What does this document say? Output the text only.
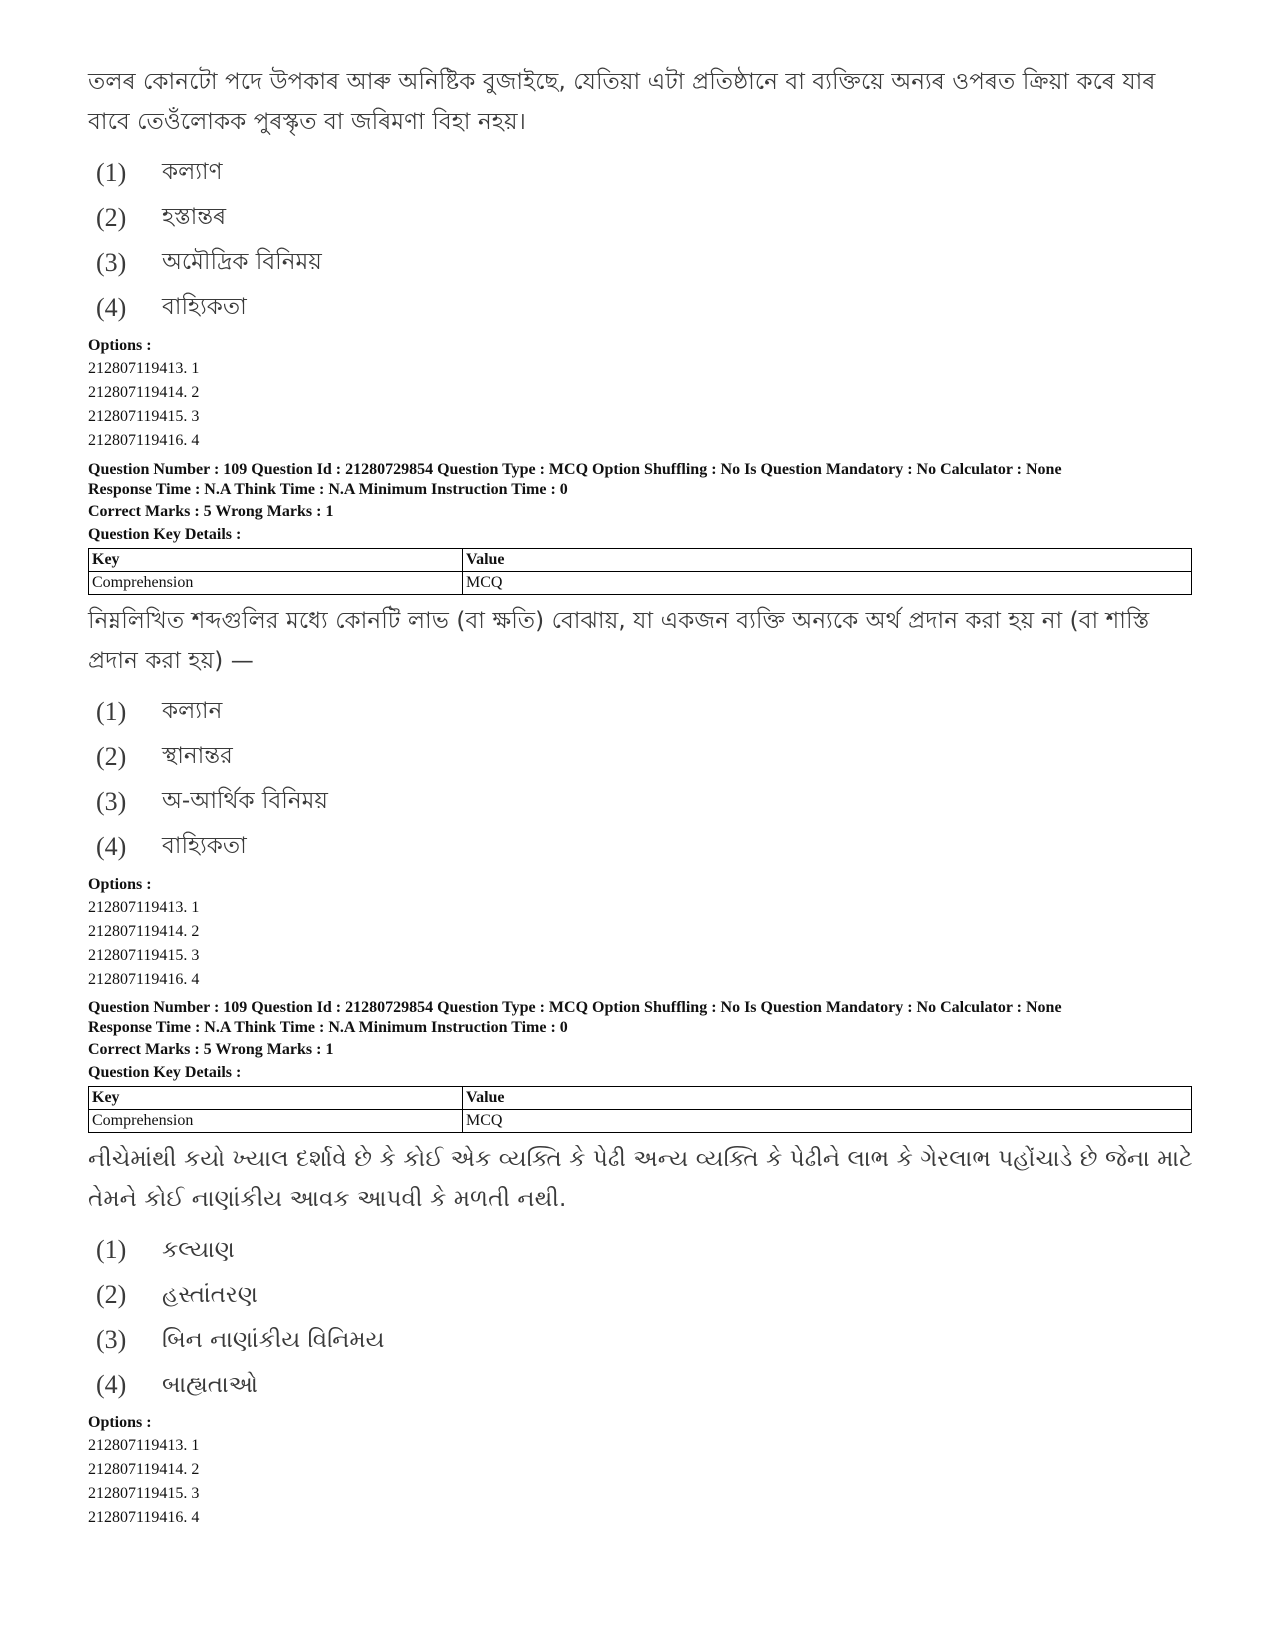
তলৰ কোনটো পদে উপকাৰ আৰু অনিষ্টিক বুজাইছে, যেতিয়া এটা প্ৰতিষ্ঠানে বা ব্যক্তিয়ে অন্যৰ ওপৰত ক্ৰিয়া কৰে যাৰ বাবে তেওঁলোকক পুৰস্কৃত বা জৰিমণা বিহা নহয়।
(1)	কল্যাণ
(2)	হস্তান্তৰ
(3)	অমৌদ্ৰিক বিনিময়
(4)	বাহ্যিকতা
Options :
212807119413. 1
212807119414. 2
212807119415. 3
212807119416. 4
Question Number : 109 Question Id : 21280729854 Question Type : MCQ Option Shuffling : No Is Question Mandatory : No Calculator : None
Response Time : N.A Think Time : N.A Minimum Instruction Time : 0
Correct Marks : 5 Wrong Marks : 1
Question Key Details :
Key	Value
Comprehension	MCQ
নিম্নলিখিত শব্দগুলির মধ্যে কোনটি লাভ (বা ক্ষতি) বোঝায়, যা একজন ব্যক্তি অন্যকে অর্থ প্রদান করা হয় না (বা শাস্তি প্রদান করা হয়) —
(1)	কল্যান
(2)	স্থানান্তর
(3)	অ-আর্থিক বিনিময়
(4)	বাহ্যিকতা
Options :
212807119413. 1
212807119414. 2
212807119415. 3
212807119416. 4
Question Number : 109 Question Id : 21280729854 Question Type : MCQ Option Shuffling : No Is Question Mandatory : No Calculator : None
Response Time : N.A Think Time : N.A Minimum Instruction Time : 0
Correct Marks : 5 Wrong Marks : 1
Question Key Details :
Key	Value
Comprehension	MCQ
નીચેમાંથી કયો ખ્યાલ દર્શાવે છે કે કોઈ એક વ્યક્તિ કે પેઢી અન્ય વ્યક્તિ કે પેઢીને લાભ કે ગેરલાભ પહોંચાડે છે જેના માટે તેમને કોઈ નાણાંકીય આવક આપવી કે મળતી નથી.
(1)	કલ્યાણ
(2)	હસ્તાંતરણ
(3)	બિન નાણાંકીય વિનિમય
(4)	બાહ્યતાઓ
Options :
212807119413. 1
212807119414. 2
212807119415. 3
212807119416. 4
